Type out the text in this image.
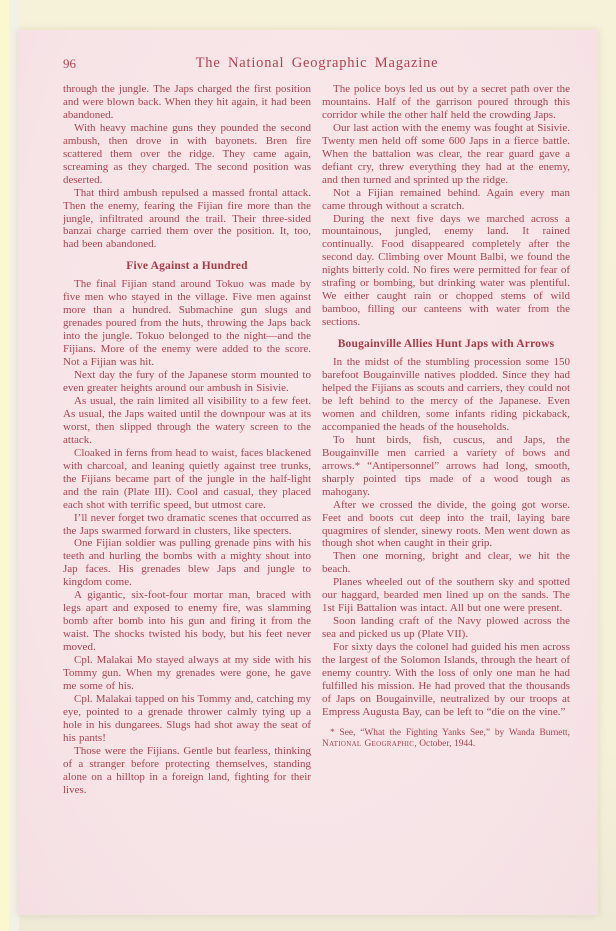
96	The National Geographic Magazine

through the jungle. The Japs charged the first position and were blown back. When they hit again, it had been abandoned.

With heavy machine guns they pounded the second ambush, then drove in with bayonets. Bren fire scattered them over the ridge. They came again, screaming as they charged. The second position was deserted.

That third ambush repulsed a massed frontal attack. Then the enemy, fearing the Fijian fire more than the jungle, infiltrated around the trail. Their three-sided banzai charge carried them over the position. It, too, had been abandoned.

Five Against a Hundred

The final Fijian stand around Tokuo was made by five men who stayed in the village. Five men against more than a hundred. Submachine gun slugs and grenades poured from the huts, throwing the Japs back into the jungle. Tokuo belonged to the night—and the Fijians. More of the enemy were added to the score. Not a Fijian was hit.

Next day the fury of the Japanese storm mounted to even greater heights around our ambush in Sisivie.

As usual, the rain limited all visibility to a few feet. As usual, the Japs waited until the downpour was at its worst, then slipped through the watery screen to the attack.

Cloaked in ferns from head to waist, faces blackened with charcoal, and leaning quietly against tree trunks, the Fijians became part of the jungle in the half-light and the rain (Plate III). Cool and casual, they placed each shot with terrific speed, but utmost care.

I’ll never forget two dramatic scenes that occurred as the Japs swarmed forward in clusters, like specters.

One Fijian soldier was pulling grenade pins with his teeth and hurling the bombs with a mighty shout into Jap faces. His grenades blew Japs and jungle to kingdom come.

A gigantic, six-foot-four mortar man, braced with legs apart and exposed to enemy fire, was slamming bomb after bomb into his gun and firing it from the waist. The shocks twisted his body, but his feet never moved.

Cpl. Malakai Mo stayed always at my side with his Tommy gun. When my grenades were gone, he gave me some of his.

Cpl. Malakai tapped on his Tommy and, catching my eye, pointed to a grenade thrower calmly tying up a hole in his dungarees. Slugs had shot away the seat of his pants!

Those were the Fijians. Gentle but fearless, thinking of a stranger before protecting themselves, standing alone on a hilltop in a foreign land, fighting for their lives.

The police boys led us out by a secret path over the mountains. Half of the garrison poured through this corridor while the other half held the crowding Japs.

Our last action with the enemy was fought at Sisivie. Twenty men held off some 600 Japs in a fierce battle. When the battalion was clear, the rear guard gave a defiant cry, threw everything they had at the enemy, and then turned and sprinted up the ridge.

Not a Fijian remained behind. Again every man came through without a scratch.

During the next five days we marched across a mountainous, jungled, enemy land. It rained continually. Food disappeared completely after the second day. Climbing over Mount Balbi, we found the nights bitterly cold. No fires were permitted for fear of strafing or bombing, but drinking water was plentiful. We either caught rain or chopped stems of wild bamboo, filling our canteens with water from the sections.

Bougainville Allies Hunt Japs with Arrows

In the midst of the stumbling procession some 150 barefoot Bougainville natives plodded. Since they had helped the Fijians as scouts and carriers, they could not be left behind to the mercy of the Japanese. Even women and children, some infants riding pickaback, accompanied the heads of the households.

To hunt birds, fish, cuscus, and Japs, the Bougainville men carried a variety of bows and arrows.* “Antipersonnel” arrows had long, smooth, sharply pointed tips made of a wood tough as mahogany.

After we crossed the divide, the going got worse. Feet and boots cut deep into the trail, laying bare quagmires of slender, sinewy roots. Men went down as though shot when caught in their grip.

Then one morning, bright and clear, we hit the beach.

Planes wheeled out of the southern sky and spotted our haggard, bearded men lined up on the sands. The 1st Fiji Battalion was intact. All but one were present.

Soon landing craft of the Navy plowed across the sea and picked us up (Plate VII).

For sixty days the colonel had guided his men across the largest of the Solomon Islands, through the heart of enemy country. With the loss of only one man he had fulfilled his mission. He had proved that the thousands of Japs on Bougainville, neutralized by our troops at Empress Augusta Bay, can be left to “die on the vine.”

* See, “What the Fighting Yanks See,” by Wanda Burnett, National Geographic, October, 1944.
